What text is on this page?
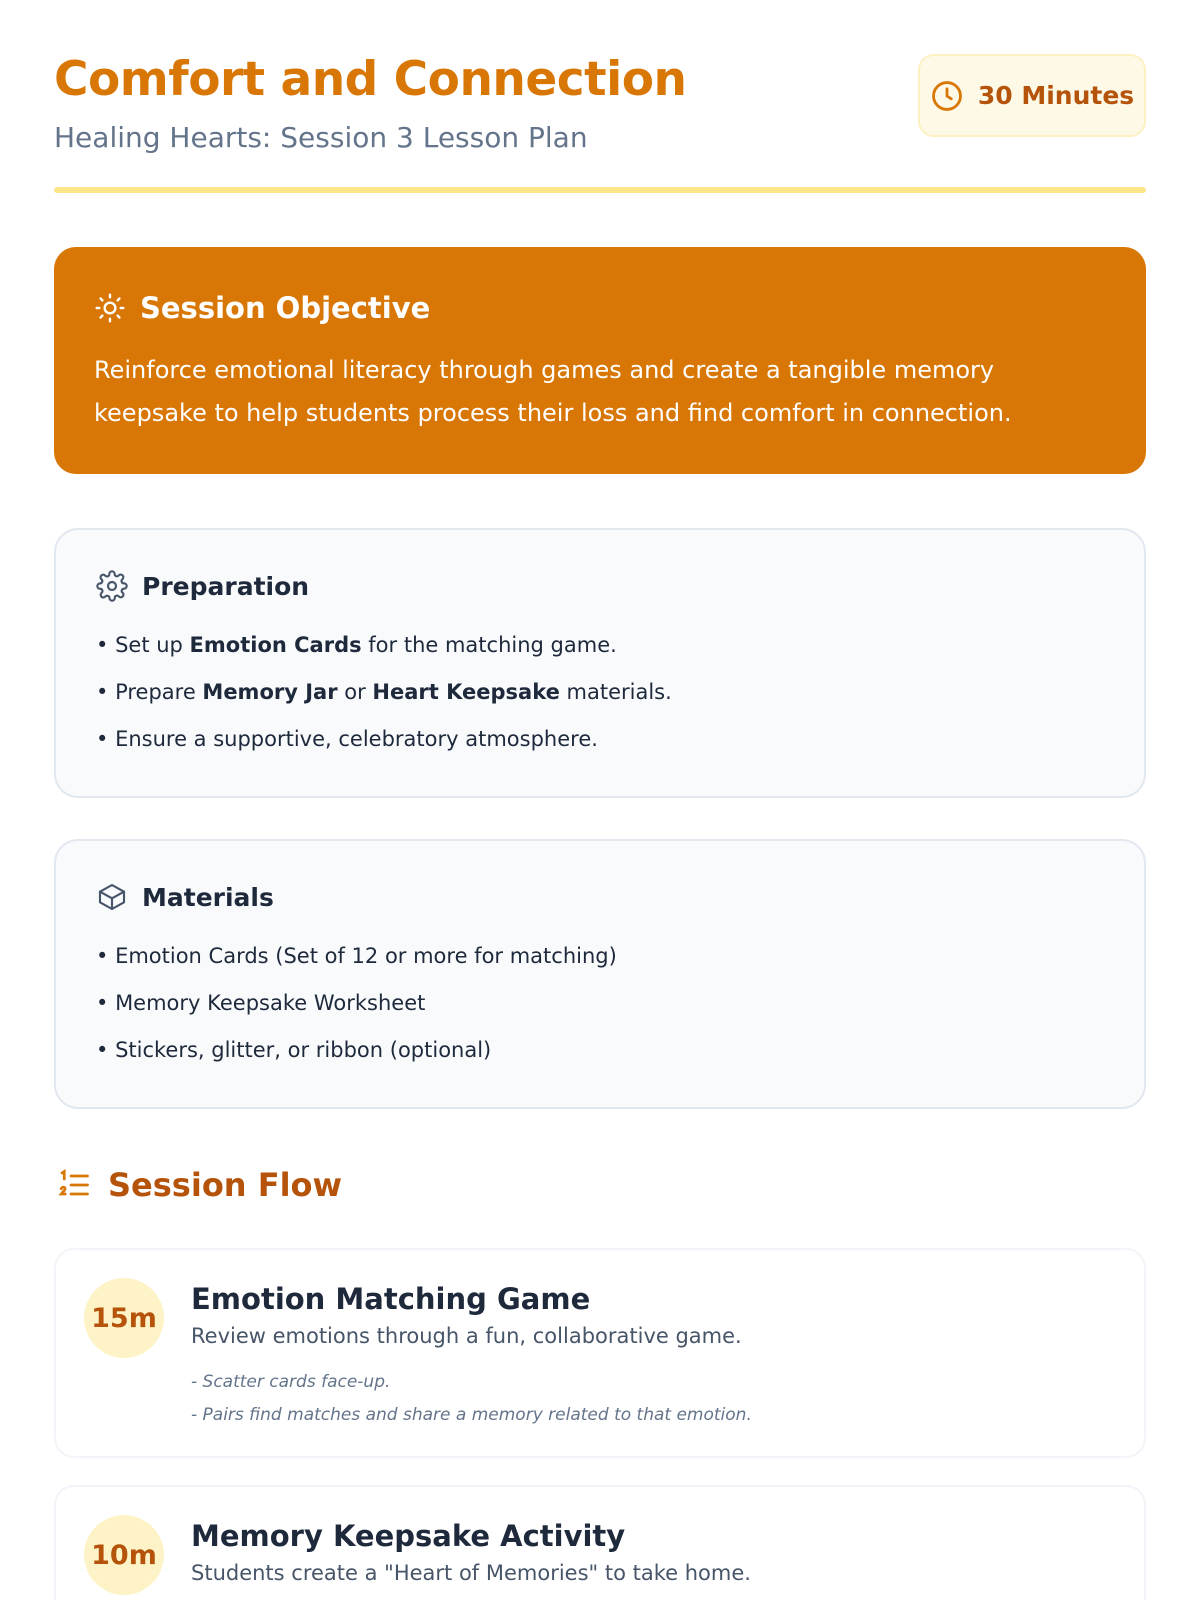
Comfort and Connection
Healing Hearts: Session 3 Lesson Plan
30 Minutes
Session Objective

Reinforce emotional literacy through games and create a tangible memory keepsake to help students process their loss and find comfort in connection.

Preparation
• Set up Emotion Cards for the matching game.
• Prepare Memory Jar or Heart Keepsake materials.
• Ensure a supportive, celebratory atmosphere.
Materials
• Emotion Cards (Set of 12 or more for matching)
• Memory Keepsake Worksheet
• Stickers, glitter, or ribbon (optional)
Session Flow
15m
Emotion Matching Game
Review emotions through a fun, collaborative game.
- Scatter cards face-up.
- Pairs find matches and share a memory related to that emotion.
10m
Memory Keepsake Activity
Students create a "Heart of Memories" to take home.
